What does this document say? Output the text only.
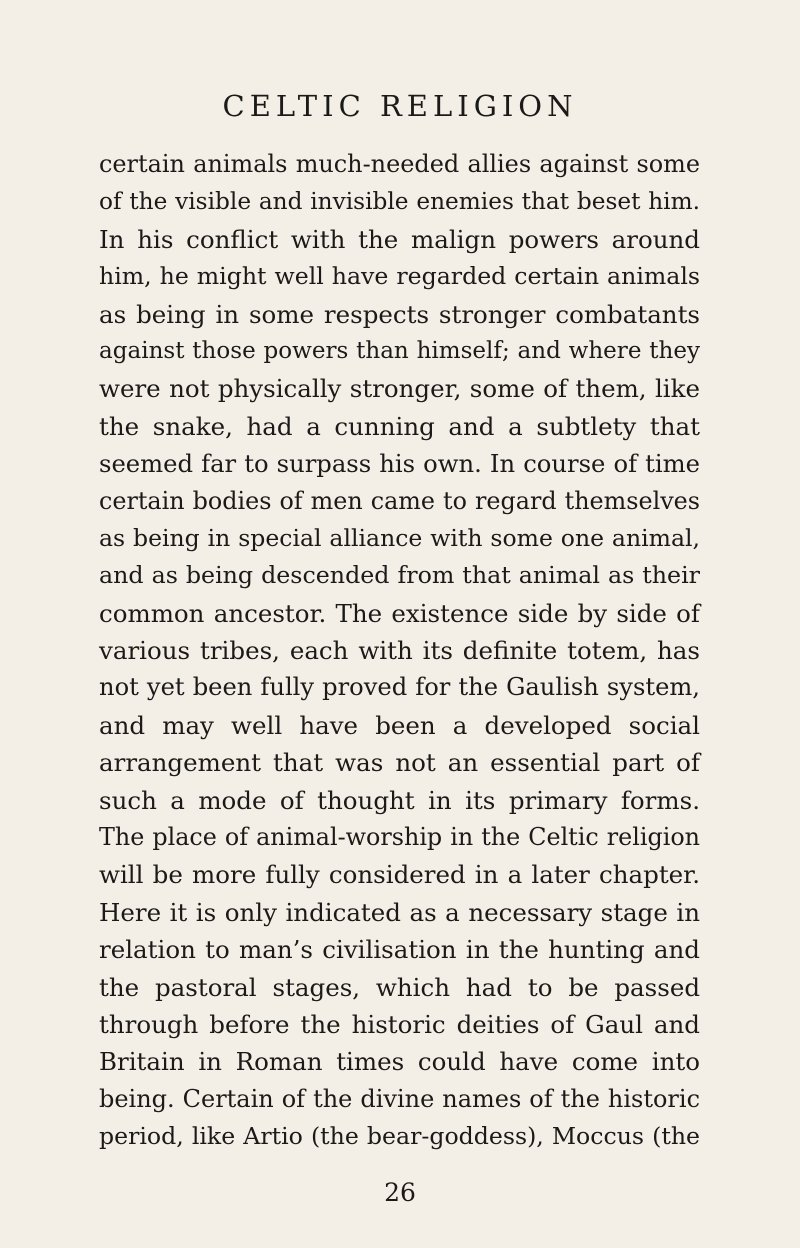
CELTIC RELIGION
certain animals much-needed allies against some
of the visible and invisible enemies that beset him.
In his conflict with the malign powers around
him, he might well have regarded certain animals
as being in some respects stronger combatants
against those powers than himself; and where they
were not physically stronger, some of them, like
the snake, had a cunning and a subtlety that
seemed far to surpass his own. In course of time
certain bodies of men came to regard themselves
as being in special alliance with some one animal,
and as being descended from that animal as their
common ancestor. The existence side by side of
various tribes, each with its definite totem, has
not yet been fully proved for the Gaulish system,
and may well have been a developed social
arrangement that was not an essential part of
such a mode of thought in its primary forms.
The place of animal-worship in the Celtic religion
will be more fully considered in a later chapter.
Here it is only indicated as a necessary stage in
relation to man’s civilisation in the hunting and
the pastoral stages, which had to be passed
through before the historic deities of Gaul and
Britain in Roman times could have come into
being. Certain of the divine names of the historic
period, like Artio (the bear-goddess), Moccus (the
26
